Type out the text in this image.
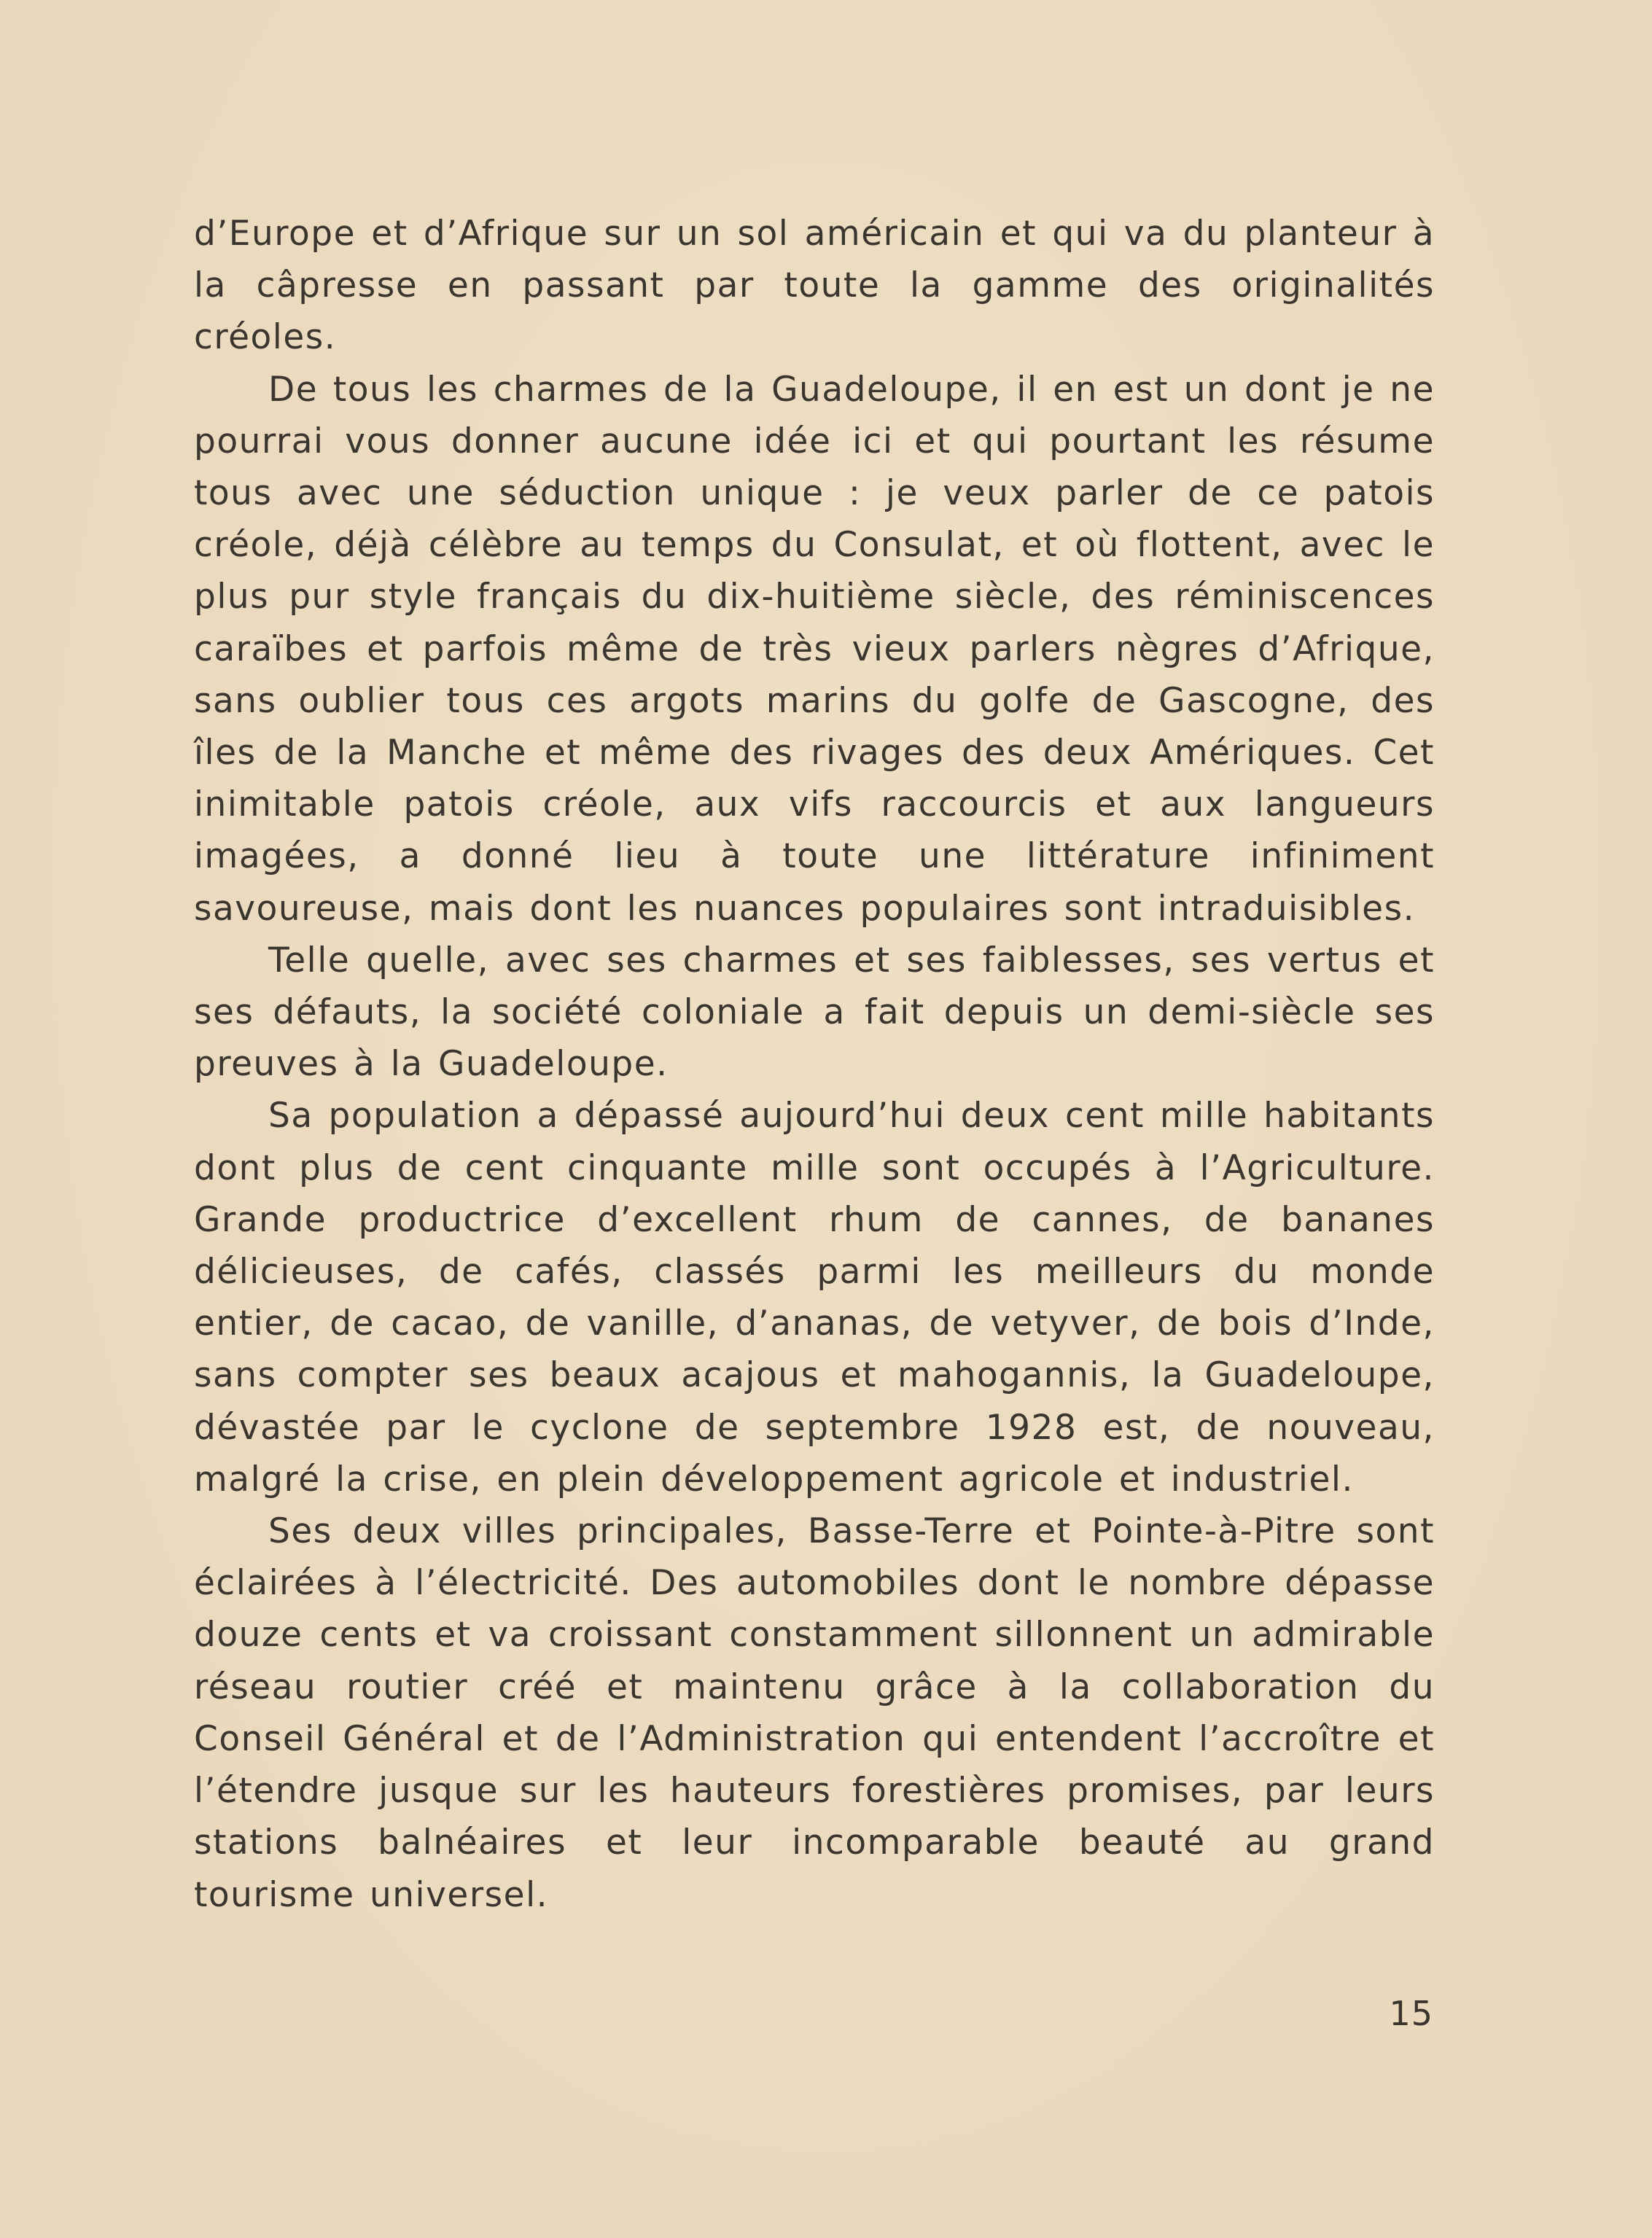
d’Europe et d’Afrique sur un sol américain et qui va du planteur à la câpresse en passant par toute la gamme des originalités créoles.

De tous les charmes de la Guadeloupe, il en est un dont je ne pourrai vous donner aucune idée ici et qui pourtant les résume tous avec une séduction unique : je veux parler de ce patois créole, déjà célèbre au temps du Consulat, et où flottent, avec le plus pur style français du dix-huitième siècle, des réminiscences caraïbes et parfois même de très vieux parlers nègres d’Afrique, sans oublier tous ces argots marins du golfe de Gascogne, des îles de la Manche et même des rivages des deux Amériques. Cet inimitable patois créole, aux vifs raccourcis et aux langueurs imagées, a donné lieu à toute une littérature infiniment savoureuse, mais dont les nuances populaires sont intraduisibles.

Telle quelle, avec ses charmes et ses faiblesses, ses vertus et ses défauts, la société coloniale a fait depuis un demi-siècle ses preuves à la Guadeloupe.

Sa population a dépassé aujourd’hui deux cent mille habitants dont plus de cent cinquante mille sont occupés à l’Agriculture. Grande productrice d’excellent rhum de cannes, de bananes délicieuses, de cafés, classés parmi les meilleurs du monde entier, de cacao, de vanille, d’ananas, de vetyver, de bois d’Inde, sans compter ses beaux acajous et mahogannis, la Guadeloupe, dévastée par le cyclone de septembre 1928 est, de nouveau, malgré la crise, en plein développement agricole et industriel.

Ses deux villes principales, Basse-Terre et Pointe-à-Pitre sont éclairées à l’électricité. Des automobiles dont le nombre dépasse douze cents et va croissant constamment sillonnent un admirable réseau routier créé et maintenu grâce à la collaboration du Conseil Général et de l’Administration qui entendent l’accroître et l’étendre jusque sur les hauteurs forestières promises, par leurs stations balnéaires et leur incomparable beauté au grand tourisme universel.

15
